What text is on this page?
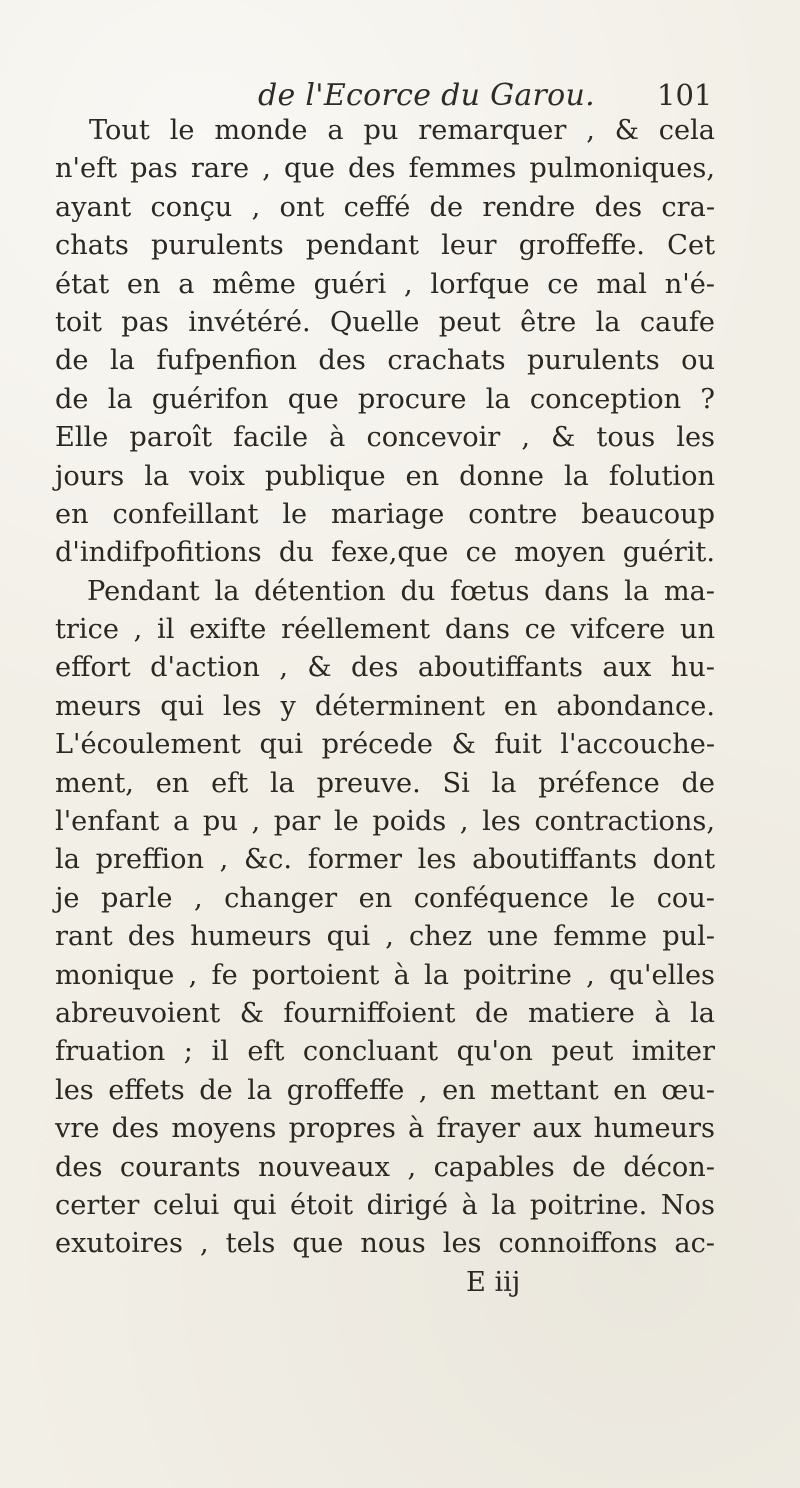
de l'Ecorce du Garou. 101
Tout le monde a pu remarquer , & cela
n'eft pas rare , que des femmes pulmoniques,
ayant conçu , ont ceffé de rendre des cra-
chats purulents pendant leur groffeffe. Cet
état en a même guéri , lorfque ce mal n'é-
toit pas invétéré. Quelle peut être la caufe
de la fufpenfion des crachats purulents ou
de la guérifon que procure la conception ?
Elle paroît facile à concevoir , & tous les
jours la voix publique en donne la folution
en confeillant le mariage contre beaucoup
d'indifpofitions du fexe,que ce moyen guérit.
Pendant la détention du fœtus dans la ma-
trice , il exifte réellement dans ce vifcere un
effort d'action , & des aboutiffants aux hu-
meurs qui les y déterminent en abondance.
L'écoulement qui précede & fuit l'accouche-
ment, en eft la preuve. Si la préfence de
l'enfant a pu , par le poids , les contractions,
la preffion , &c. former les aboutiffants dont
je parle , changer en conféquence le cou-
rant des humeurs qui , chez une femme pul-
monique , fe portoient à la poitrine , qu'elles
abreuvoient & fourniffoient de matiere à la
fruation ; il eft concluant qu'on peut imiter
les effets de la groffeffe , en mettant en œu-
vre des moyens propres à frayer aux humeurs
des courants nouveaux , capables de décon-
certer celui qui étoit dirigé à la poitrine. Nos
exutoires , tels que nous les connoiffons ac-
E iij
